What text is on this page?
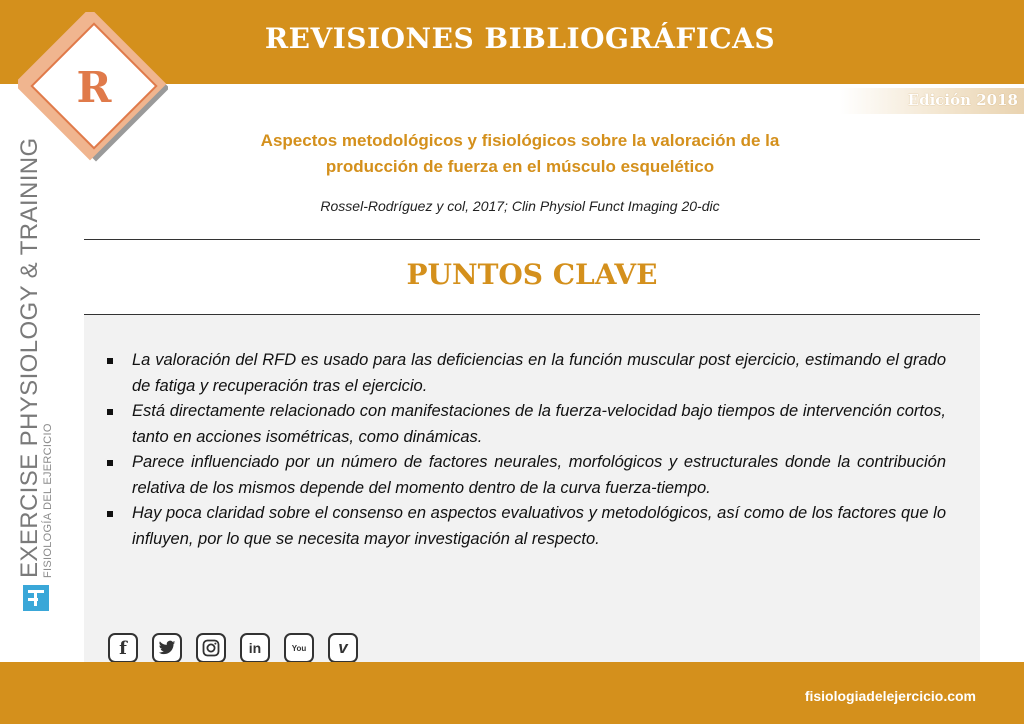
REVISIONES BIBLIOGRÁFICAS
Edición 2018
R
EXERCISE PHYSIOLOGY & TRAINING FISIOLOGÍA DEL EJERCICIO
Aspectos metodológicos y fisiológicos sobre la valoración de la
producción de fuerza en el músculo esquelético
Rossel-Rodríguez y col, 2017; Clin Physiol Funct Imaging 20-dic
PUNTOS CLAVE
La valoración del RFD es usado para las deficiencias en la función muscular post ejercicio, estimando el grado de fatiga y recuperación tras el ejercicio.
Está directamente relacionado con manifestaciones de la fuerza-velocidad bajo tiempos de intervención cortos, tanto en acciones isométricas, como dinámicas.
Parece influenciado por un número de factores neurales, morfológicos y estructurales donde la contribución relativa de los mismos depende del momento dentro de la curva fuerza-tiempo.
Hay poca claridad sobre el consenso en aspectos evaluativos y metodológicos, así como de los factores que lo influyen, por lo que se necesita mayor investigación al respecto.
f	in	You v
fisiologiadelejercicio.com
